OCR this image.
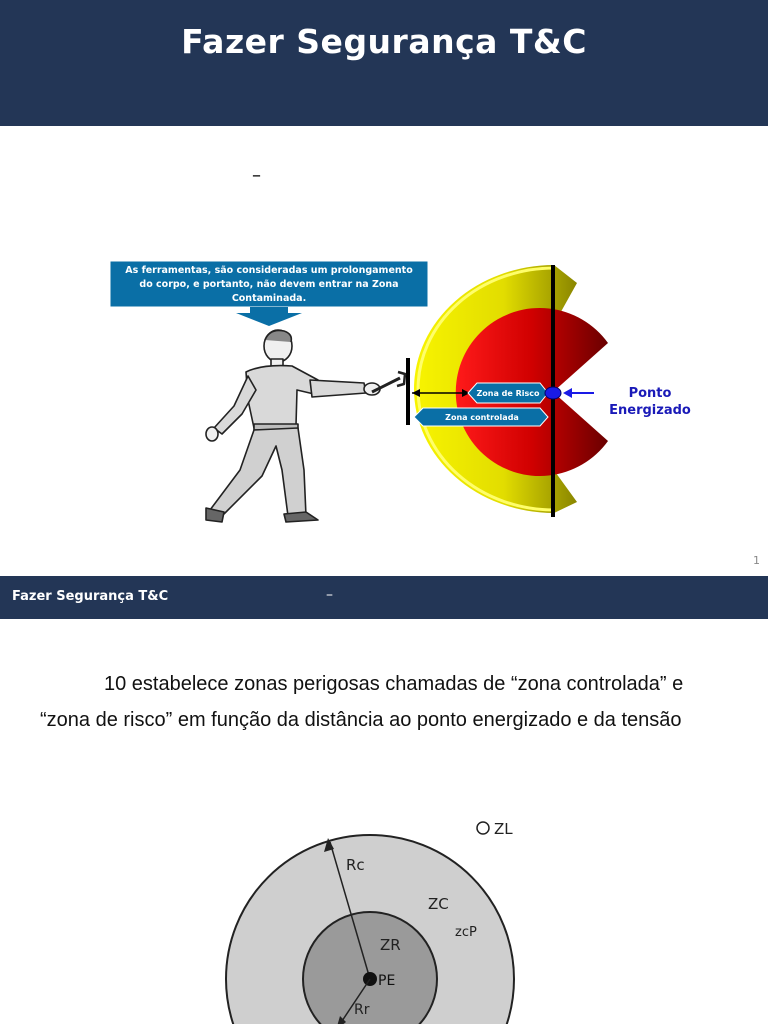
Fazer Segurança T&C
–
As ferramentas, são consideradas um prolongamento
do corpo, e portanto, não devem entrar na Zona
Contaminada.
Zona de Risco
Zona controlada
Ponto
Energizado
1
Fazer Segurança T&C	–
10 estabelece zonas perigosas chamadas de “zona controlada” e
“zona de risco” em função da distância ao ponto energizado e da tensão
ZL
Rc
ZC
zcP
ZR
PE
Rr
